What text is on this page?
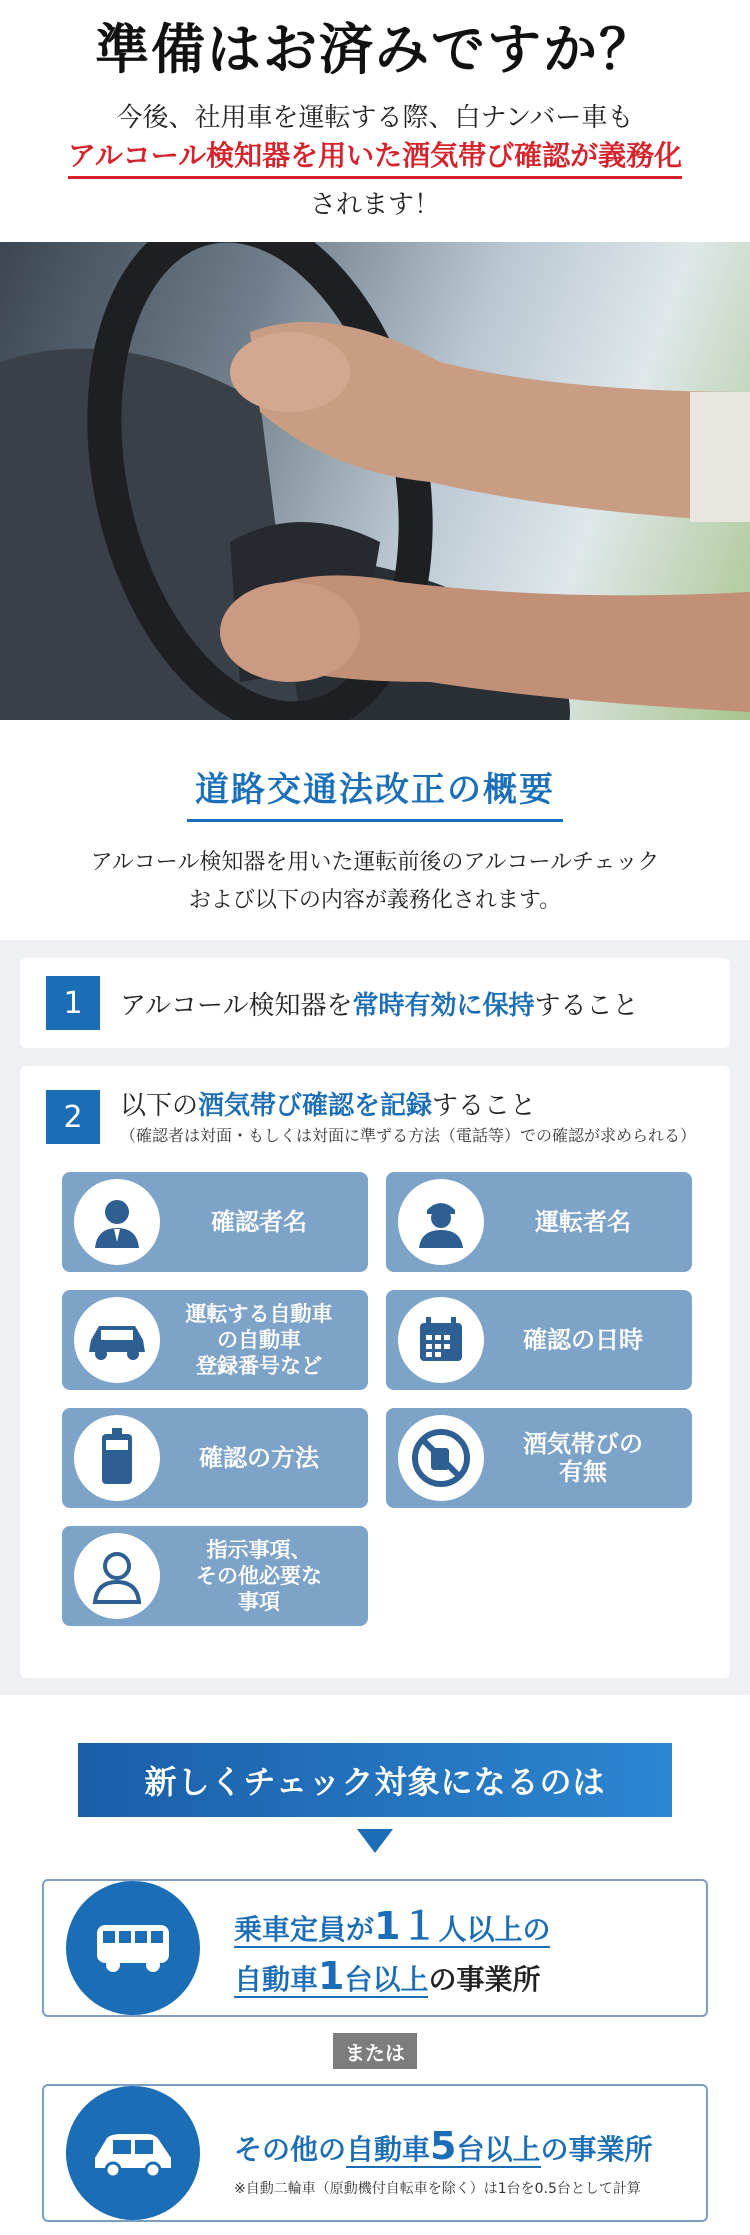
準備はお済みですか？
今後、社用車を運転する際、白ナンバー車も
アルコール検知器を用いた酒気帯び確認が義務化
されます！
道路交通法改正の概要

アルコール検知器を用いた運転前後のアルコールチェック
および以下の内容が義務化されます。

1	アルコール検知器を常時有効に保持すること
2	以下の酒気帯び確認を記録すること
（確認者は対面・もしくは対面に準ずる方法（電話等）での確認が求められる）
確認者名	運転者名
運転する自動車
の自動車
登録番号など
確認の日時
確認の方法	酒気帯びの
有無
指示事項、
その他必要な
事項
新しくチェック対象になるのは
乗車定員が1１人以上の
自動車1台以上の事業所
または
その他の自動車5台以上の事業所
※自動二輪車（原動機付自転車を除く）は1台を0.5台として計算
